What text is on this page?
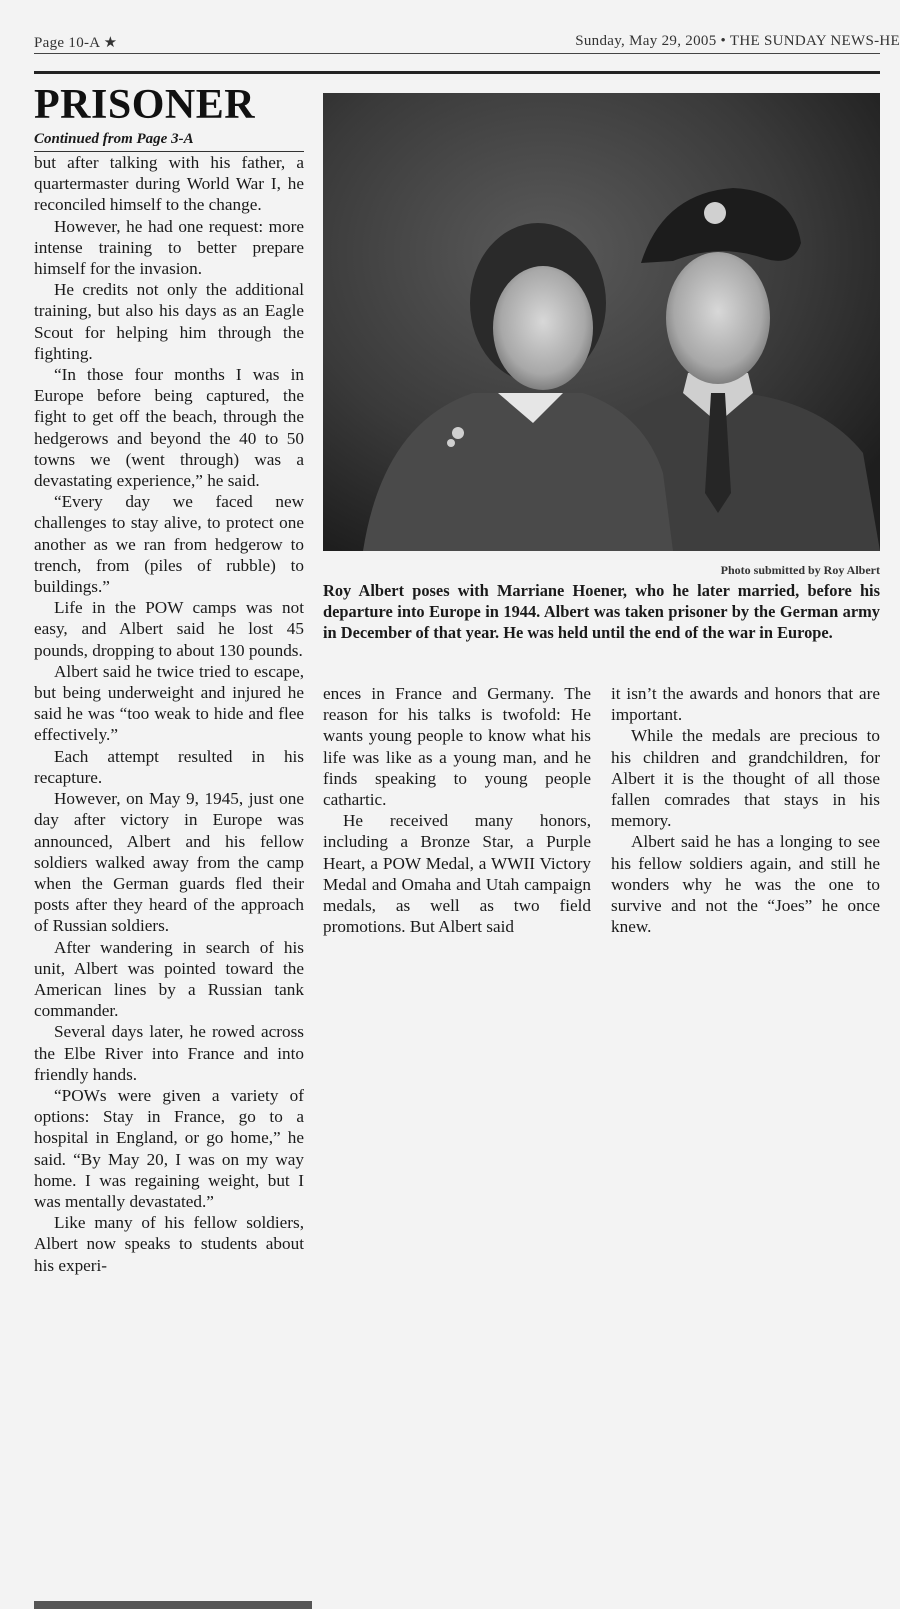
Page 10-A ★	Sunday, May 29, 2005 • THE SUNDAY NEWS-HE
PRISONER
Continued from Page 3-A

but after talking with his father, a quartermaster during World War I, he reconciled himself to the change.

However, he had one request: more intense training to better prepare himself for the invasion.

He credits not only the additional training, but also his days as an Eagle Scout for helping him through the fighting.

“In those four months I was in Europe before being captured, the fight to get off the beach, through the hedgerows and beyond the 40 to 50 towns we (went through) was a devastating experience,” he said.

“Every day we faced new challenges to stay alive, to protect one another as we ran from hedgerow to trench, from (piles of rubble) to buildings.”

Life in the POW camps was not easy, and Albert said he lost 45 pounds, dropping to about 130 pounds.

Albert said he twice tried to escape, but being underweight and injured he said he was “too weak to hide and flee effectively.”

Each attempt resulted in his recapture.

However, on May 9, 1945, just one day after victory in Europe was announced, Albert and his fellow soldiers walked away from the camp when the German guards fled their posts after they heard of the approach of Russian soldiers.

After wandering in search of his unit, Albert was pointed toward the American lines by a Russian tank commander.

Several days later, he rowed across the Elbe River into France and into friendly hands.

“POWs were given a variety of options: Stay in France, go to a hospital in England, or go home,” he said. “By May 20, I was on my way home. I was regaining weight, but I was mentally devastated.”

Like many of his fellow soldiers, Albert now speaks to students about his experi-

Photo submitted by Roy Albert

Roy Albert poses with Marriane Hoener, who he later married, before his departure into Europe in 1944. Albert was taken prisoner by the German army in December of that year. He was held until the end of the war in Europe.

ences in France and Germany. The reason for his talks is twofold: He wants young people to know what his life was like as a young man, and he finds speaking to young people cathartic.

He received many honors, including a Bronze Star, a Purple Heart, a POW Medal, a WWII Victory Medal and Omaha and Utah campaign medals, as well as two field promotions. But Albert said

it isn’t the awards and honors that are important.

While the medals are precious to his children and grandchildren, for Albert it is the thought of all those fallen comrades that stays in his memory.

Albert said he has a longing to see his fellow soldiers again, and still he wonders why he was the one to survive and not the “Joes” he once knew.
